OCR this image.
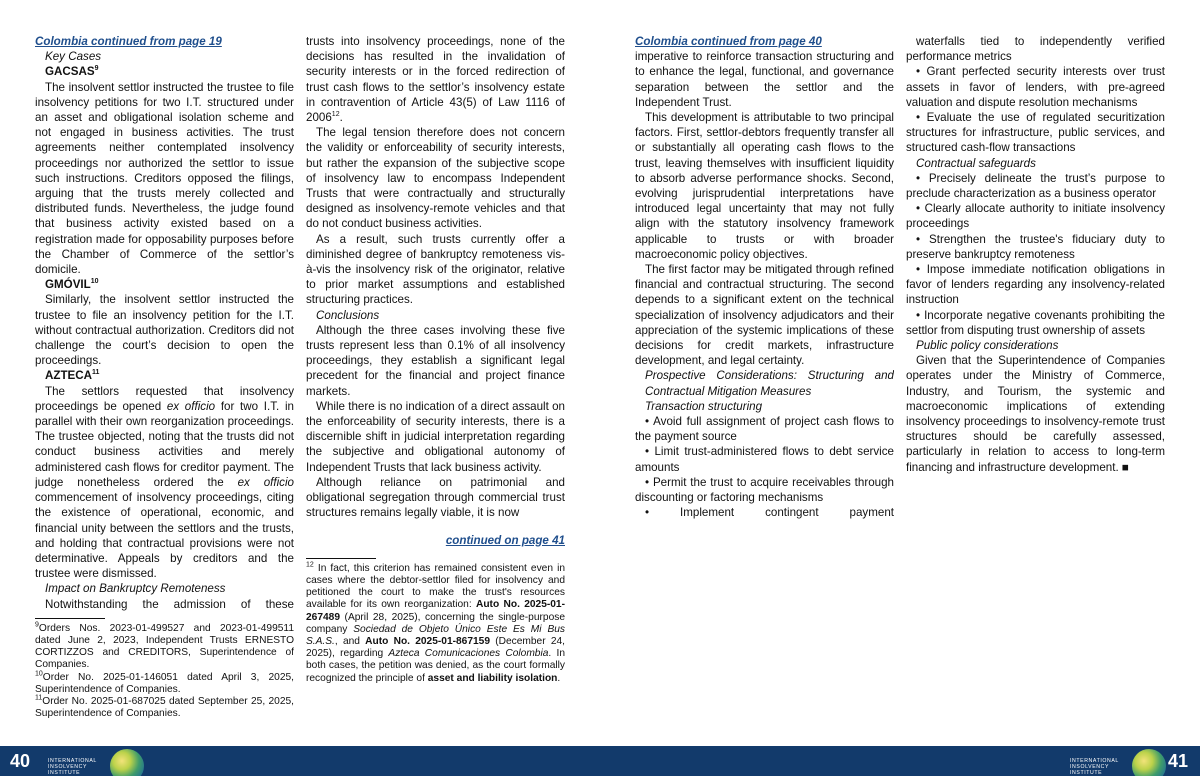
Colombia continued from page 19
Key Cases
GACSAS$^9$

The insolvent settlor instructed the trustee to file insolvency petitions for two I.T. structured under an asset and obligational isolation scheme and not engaged in business activities. The trust agreements neither contemplated insolvency proceedings nor authorized the settlor to issue such instructions. Creditors opposed the filings, arguing that the trusts merely collected and distributed funds. Nevertheless, the judge found that business activity existed based on a registration made for opposability purposes before the Chamber of Commerce of the settlor’s domicile.

GMÓVIL$^{10}$

Similarly, the insolvent settlor instructed the trustee to file an insolvency petition for the I.T. without contractual authorization. Creditors did not challenge the court’s decision to open the proceedings.

AZTECA$^{11}$

The settlors requested that insolvency proceedings be opened ex officio for two I.T. in parallel with their own reorganization proceedings. The trustee objected, noting that the trusts did not conduct business activities and merely administered cash flows for creditor payment. The judge nonetheless ordered the ex officio commencement of insolvency proceedings, citing the existence of operational, economic, and financial unity between the settlors and the trusts, and holding that contractual provisions were not determinative. Appeals by creditors and the trustee were dismissed.

Impact on Bankruptcy Remoteness

Notwithstanding the admission of these

$^9$Orders Nos. 2023-01-499527 and 2023-01-499511 dated June 2, 2023, Independent Trusts ERNESTO CORTIZZOS and CREDITORS, Superintendence of Companies.
$^{10}$Order No. 2025-01-146051 dated April 3, 2025, Superintendence of Companies.
$^{11}$Order No. 2025-01-687025 dated September 25, 2025, Superintendence of Companies.

trusts into insolvency proceedings, none of the decisions has resulted in the invalidation of security interests or in the forced redirection of trust cash flows to the settlor’s insolvency estate in contravention of Article 43(5) of Law 1116 of 2006$^{12}$.

The legal tension therefore does not concern the validity or enforceability of security interests, but rather the expansion of the subjective scope of insolvency law to encompass Independent Trusts that were contractually and structurally designed as insolvency-remote vehicles and that do not conduct business activities.

As a result, such trusts currently offer a diminished degree of bankruptcy remoteness vis-à-vis the insolvency risk of the originator, relative to prior market assumptions and established structuring practices.

Conclusions

Although the three cases involving these five trusts represent less than 0.1% of all insolvency proceedings, they establish a significant legal precedent for the financial and project finance markets.

While there is no indication of a direct assault on the enforceability of security interests, there is a discernible shift in judicial interpretation regarding the subjective and obligational autonomy of Independent Trusts that lack business activity.

Although reliance on patrimonial and obligational segregation through commercial trust structures remains legally viable, it is now

continued on page 41
$^{12}$ In fact, this criterion has remained consistent even in cases where the debtor-settlor filed for insolvency and petitioned the court to make the trust's resources available for its own reorganization: Auto No. 2025-01-267489 (April 28, 2025), concerning the single-purpose company Sociedad de Objeto Único Este Es Mi Bus S.A.S., and Auto No. 2025-01-867159 (December 24, 2025), regarding Azteca Comunicaciones Colombia. In both cases, the petition was denied, as the court formally recognized the principle of asset and liability isolation.
Colombia continued from page 40

imperative to reinforce transaction structuring and to enhance the legal, functional, and governance separation between the settlor and the Independent Trust.

This development is attributable to two principal factors. First, settlor-debtors frequently transfer all or substantially all operating cash flows to the trust, leaving themselves with insufficient liquidity to absorb adverse performance shocks. Second, evolving jurisprudential interpretations have introduced legal uncertainty that may not fully align with the statutory insolvency framework applicable to trusts or with broader macroeconomic policy objectives.

The first factor may be mitigated through refined financial and contractual structuring. The second depends to a significant extent on the technical specialization of insolvency adjudicators and their appreciation of the systemic implications of these decisions for credit markets, infrastructure development, and legal certainty.

Prospective Considerations: Structuring and Contractual Mitigation Measures
Transaction structuring

• Avoid full assignment of project cash flows to the payment source

• Limit trust-administered flows to debt service amounts

• Permit the trust to acquire receivables through discounting or factoring mechanisms

• Implement contingent payment

waterfalls tied to independently verified performance metrics

• Grant perfected security interests over trust assets in favor of lenders, with pre-agreed valuation and dispute resolution mechanisms

• Evaluate the use of regulated securitization structures for infrastructure, public services, and structured cash-flow transactions

Contractual safeguards

• Precisely delineate the trust’s purpose to preclude characterization as a business operator

• Clearly allocate authority to initiate insolvency proceedings

• Strengthen the trustee's fiduciary duty to preserve bankruptcy remoteness

• Impose immediate notification obligations in favor of lenders regarding any insolvency-related instruction

• Incorporate negative covenants prohibiting the settlor from disputing trust ownership of assets

Public policy considerations

Given that the Superintendence of Companies operates under the Ministry of Commerce, Industry, and Tourism, the systemic and macroeconomic implications of extending insolvency proceedings to insolvency-remote trust structures should be carefully assessed, particularly in relation to access to long-term financing and infrastructure development. ■

40	INTERNATIONAL INSOLVENCY INSTITUTE
INTERNATIONAL INSOLVENCY INSTITUTE
41
